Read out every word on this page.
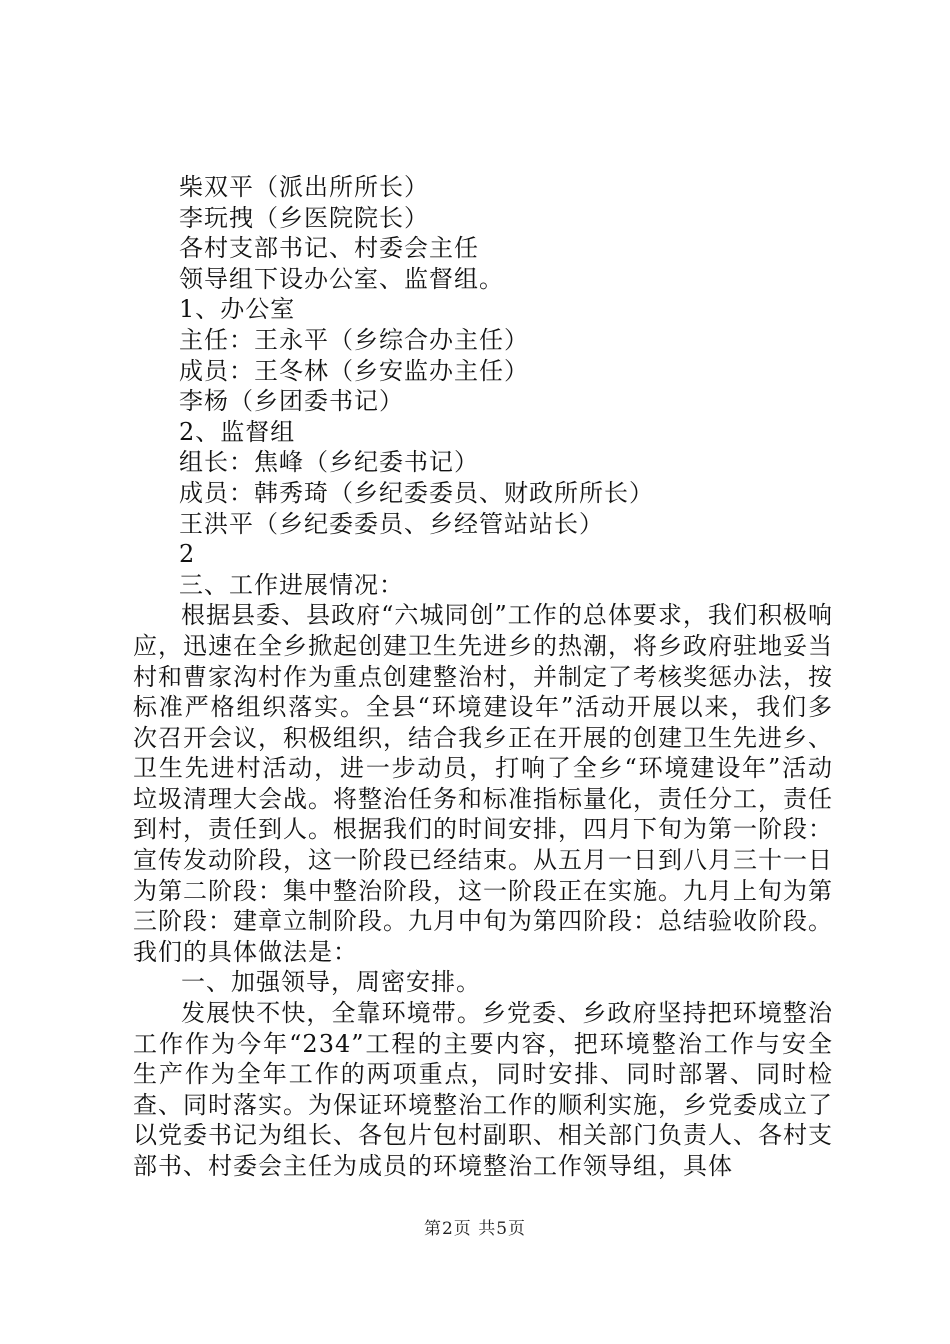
柴双平（派出所所长）
李玩拽（乡医院院长）
各村支部书记、村委会主任
领导组下设办公室、监督组。
1、办公室
主任：王永平（乡综合办主任）
成员：王冬林（乡安监办主任）
李杨（乡团委书记）
2、监督组
组长：焦峰（乡纪委书记）
成员：韩秀琦（乡纪委委员、财政所所长）
王洪平（乡纪委委员、乡经管站站长）
2
三、工作进展情况：

根据县委、县政府“六城同创”工作的总体要求，我们积极响应，迅速在全乡掀起创建卫生先进乡的热潮，将乡政府驻地妥当村和曹家沟村作为重点创建整治村，并制定了考核奖惩办法，按标准严格组织落实。全县“环境建设年”活动开展以来，我们多次召开会议，积极组织，结合我乡正在开展的创建卫生先进乡、卫生先进村活动，进一步动员，打响了全乡“环境建设年”活动垃圾清理大会战。将整治任务和标准指标量化，责任分工，责任到村，责任到人。根据我们的时间安排，四月下旬为第一阶段：宣传发动阶段，这一阶段已经结束。从五月一日到八月三十一日为第二阶段：集中整治阶段，这一阶段正在实施。九月上旬为第三阶段：建章立制阶段。九月中旬为第四阶段：总结验收阶段。我们的具体做法是：

一、加强领导，周密安排。

发展快不快，全靠环境带。乡党委、乡政府坚持把环境整治工作作为今年“234”工程的主要内容，把环境整治工作与安全生产作为全年工作的两项重点，同时安排、同时部署、同时检查、同时落实。为保证环境整治工作的顺利实施，乡党委成立了以党委书记为组长、各包片包村副职、相关部门负责人、各村支部书、村委会主任为成员的环境整治工作领导组，具体

第2页 共5页
